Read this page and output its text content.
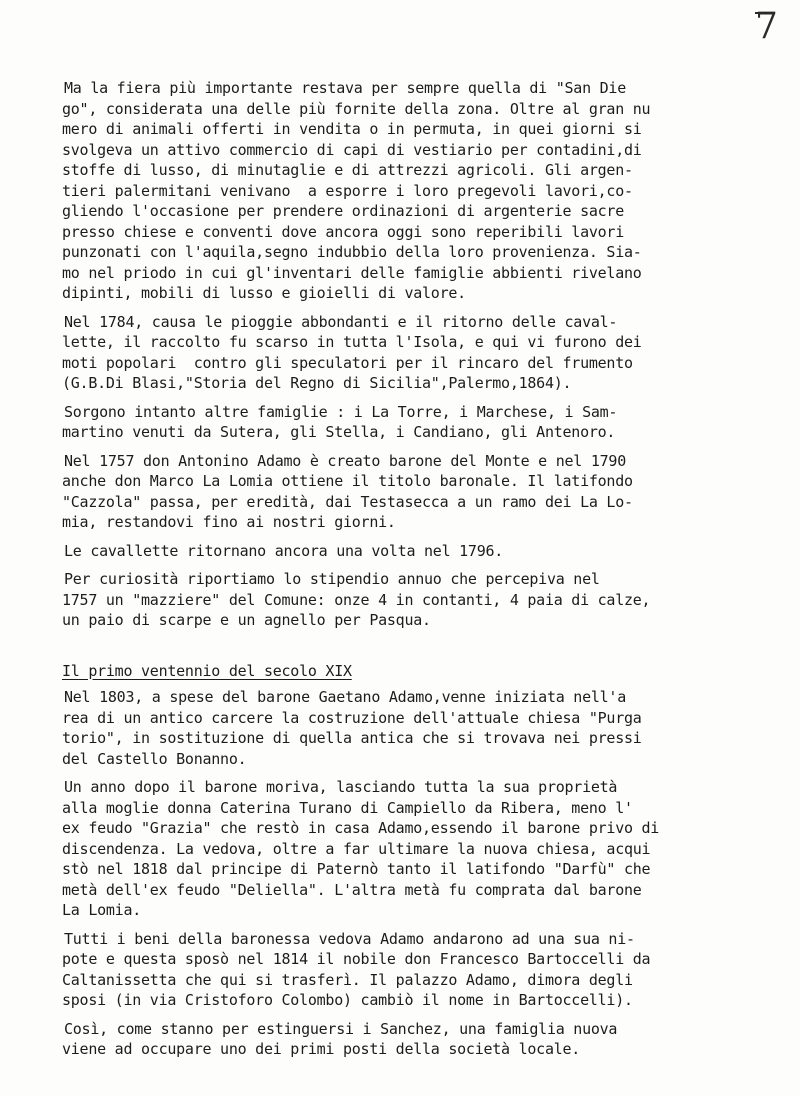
7
Ma la fiera più importante restava per sempre quella di "San Die
go", considerata una delle più fornite della zona. Oltre al gran nu
mero di animali offerti in vendita o in permuta, in quei giorni si
svolgeva un attivo commercio di capi di vestiario per contadini,di
stoffe di lusso, di minutaglie e di attrezzi agricoli. Gli argen-
tieri palermitani venivano  a esporre i loro pregevoli lavori,co-
gliendo l'occasione per prendere ordinazioni di argenterie sacre
presso chiese e conventi dove ancora oggi sono reperibili lavori
punzonati con l'aquila,segno indubbio della loro provenienza. Sia-
mo nel priodo in cui gl'inventari delle famiglie abbienti rivelano
dipinti, mobili di lusso e gioielli di valore.
Nel 1784, causa le pioggie abbondanti e il ritorno delle caval-
lette, il raccolto fu scarso in tutta l'Isola, e qui vi furono dei
moti popolari  contro gli speculatori per il rincaro del frumento
(G.B.Di Blasi,"Storia del Regno di Sicilia",Palermo,1864).
Sorgono intanto altre famiglie : i La Torre, i Marchese, i Sam-
martino venuti da Sutera, gli Stella, i Candiano, gli Antenoro.
Nel 1757 don Antonino Adamo è creato barone del Monte e nel 1790
anche don Marco La Lomia ottiene il titolo baronale. Il latifondo
"Cazzola" passa, per eredità, dai Testasecca a un ramo dei La Lo-
mia, restandovi fino ai nostri giorni.
Le cavallette ritornano ancora una volta nel 1796.
Per curiosità riportiamo lo stipendio annuo che percepiva nel
1757 un "mazziere" del Comune: onze 4 in contanti, 4 paia di calze,
un paio di scarpe e un agnello per Pasqua.
Il primo ventennio del secolo XIX
Nel 1803, a spese del barone Gaetano Adamo,venne iniziata nell'a
rea di un antico carcere la costruzione dell'attuale chiesa "Purga
torio", in sostituzione di quella antica che si trovava nei pressi
del Castello Bonanno.
Un anno dopo il barone moriva, lasciando tutta la sua proprietà
alla moglie donna Caterina Turano di Campiello da Ribera, meno l'
ex feudo "Grazia" che restò in casa Adamo,essendo il barone privo di
discendenza. La vedova, oltre a far ultimare la nuova chiesa, acqui
stò nel 1818 dal principe di Paternò tanto il latifondo "Darfù" che
metà dell'ex feudo "Deliella". L'altra metà fu comprata dal barone
La Lomia.
Tutti i beni della baronessa vedova Adamo andarono ad una sua ni-
pote e questa sposò nel 1814 il nobile don Francesco Bartoccelli da
Caltanissetta che qui si trasferì. Il palazzo Adamo, dimora degli
sposi (in via Cristoforo Colombo) cambiò il nome in Bartoccelli).
Così, come stanno per estinguersi i Sanchez, una famiglia nuova
viene ad occupare uno dei primi posti della società locale.
